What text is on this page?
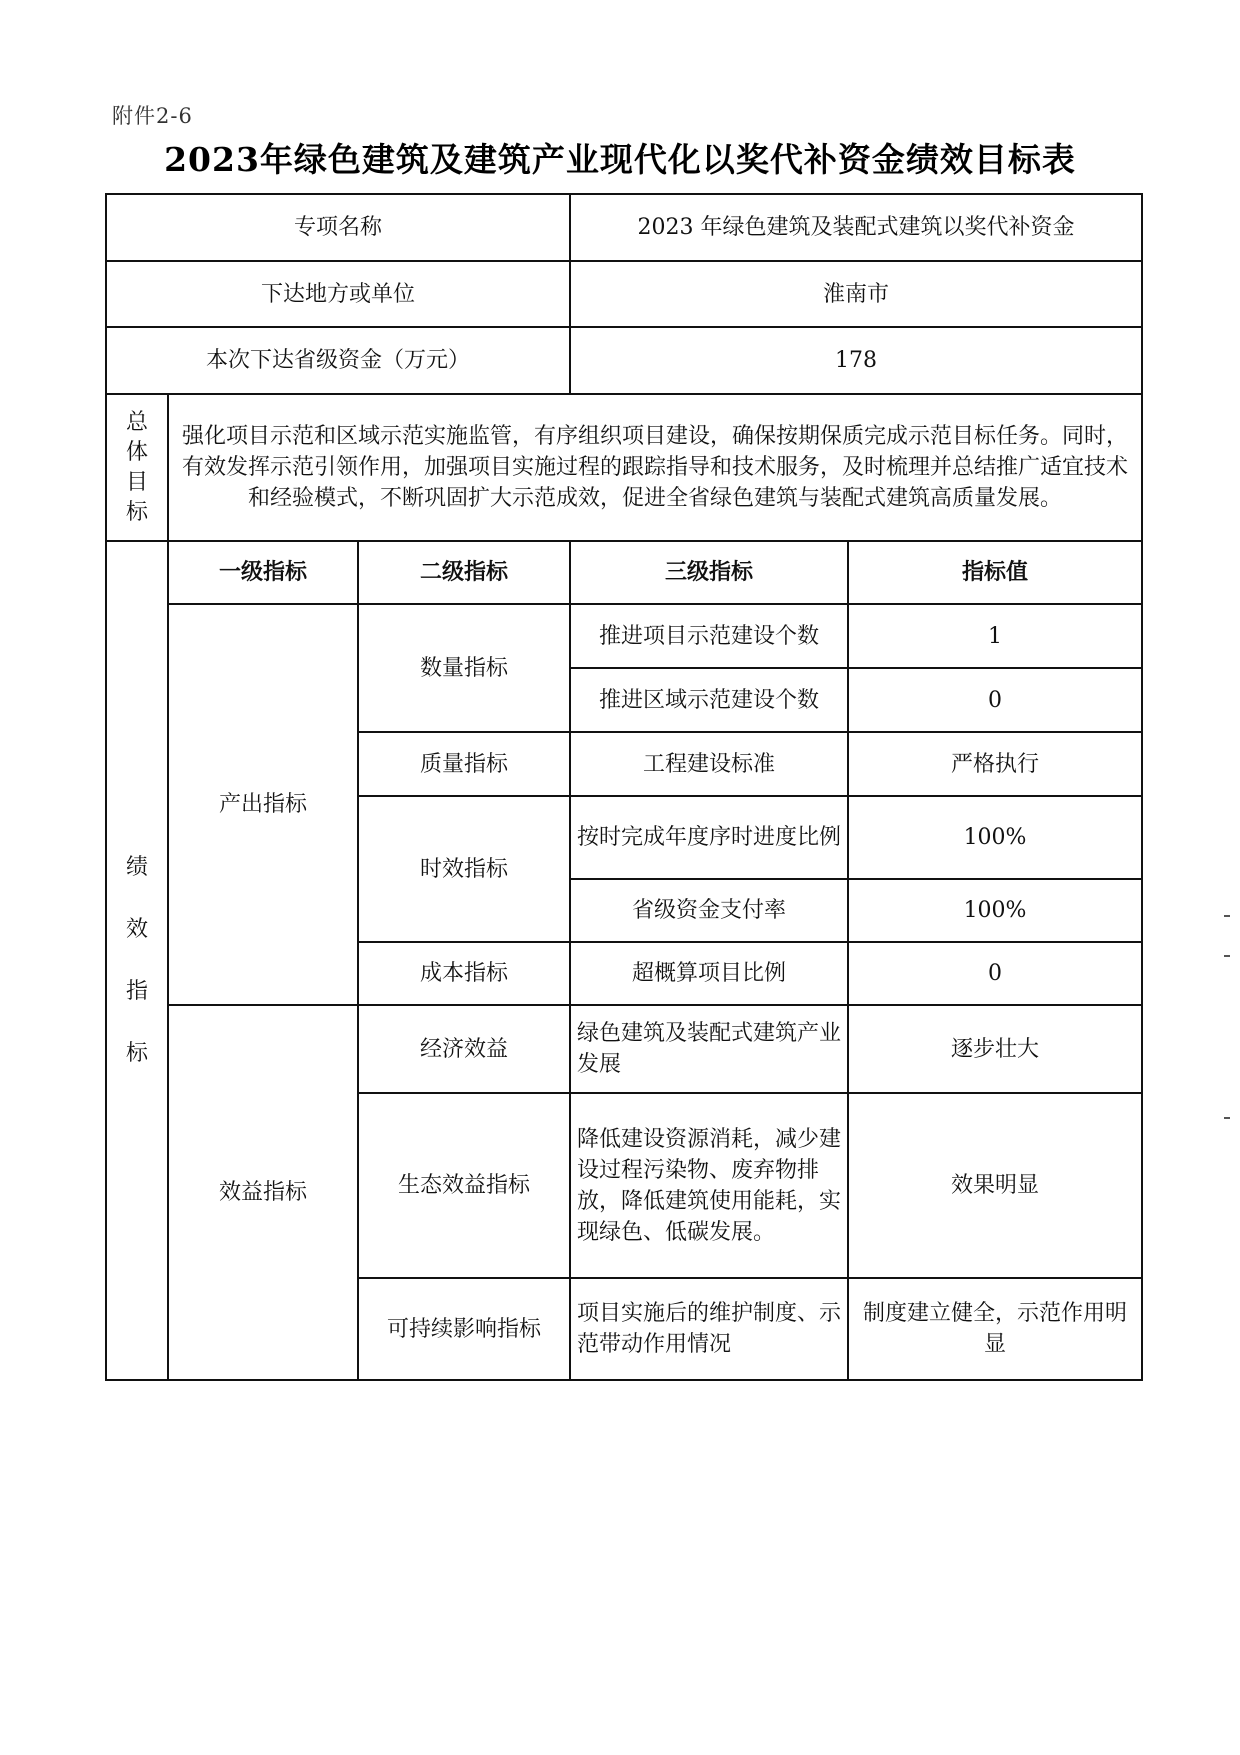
附件2-6
2023年绿色建筑及建筑产业现代化以奖代补资金绩效目标表
专项名称			2023 年绿色建筑及装配式建筑以奖代补资金	
下达地方或单位			淮南市	
本次下达省级资金（万元）			178	
总体目标	强化项目示范和区域示范实施监管，有序组织项目建设，确保按期保质完成示范目标任务。同时，有效发挥示范引领作用，加强项目实施过程的跟踪指导和技术服务，及时梳理并总结推广适宜技术和经验模式，不断巩固扩大示范成效，促进全省绿色建筑与装配式建筑高质量发展。			
绩效指标	一级指标	二级指标	三级指标	指标值
	产出指标	数量指标	推进项目示范建设个数	1
			推进区域示范建设个数	0
		质量指标	工程建设标准	严格执行
		时效指标	按时完成年度序时进度比例	100%
			省级资金支付率	100%
		成本指标	超概算项目比例	0
	效益指标	经济效益	绿色建筑及装配式建筑产业发展	逐步壮大
		生态效益指标	降低建设资源消耗，减少建设过程污染物、废弃物排放，降低建筑使用能耗，实现绿色、低碳发展。	效果明显
		可持续影响指标	项目实施后的维护制度、示范带动作用情况	制度建立健全，示范作用明显
